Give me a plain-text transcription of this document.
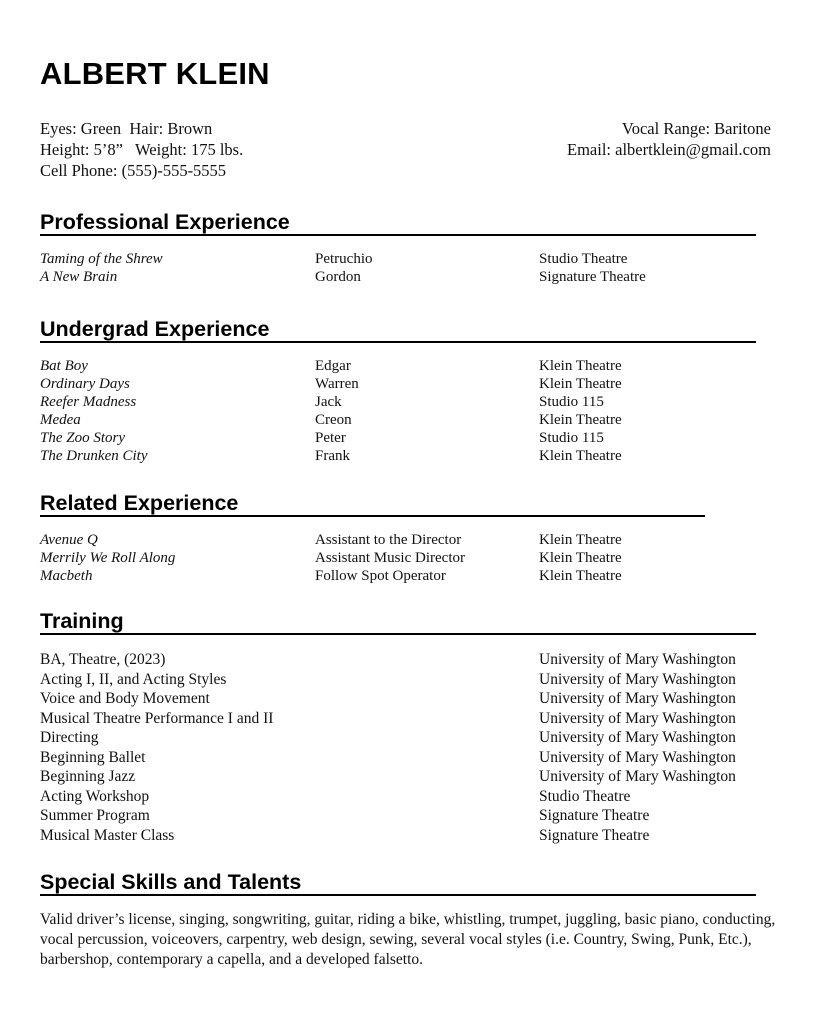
ALBERT KLEIN
Eyes: Green  Hair: Brown
Height: 5’8”   Weight: 175 lbs.
Cell Phone: (555)-555-5555
Vocal Range: Baritone
Email: albertklein@gmail.com
Professional Experience
Taming of the Shrew	Petruchio	Studio Theatre
A New Brain	Gordon	Signature Theatre
Undergrad Experience
Bat Boy	Edgar	Klein Theatre
Ordinary Days	Warren	Klein Theatre
Reefer Madness	Jack	Studio 115
Medea	Creon	Klein Theatre
The Zoo Story	Peter	Studio 115
The Drunken City	Frank	Klein Theatre
Related Experience
Avenue Q	Assistant to the Director	Klein Theatre
Merrily We Roll Along	Assistant Music Director	Klein Theatre
Macbeth	Follow Spot Operator	Klein Theatre
Training
BA, Theatre, (2023)	University of Mary Washington
Acting I, II, and Acting Styles	University of Mary Washington
Voice and Body Movement	University of Mary Washington
Musical Theatre Performance I and II	University of Mary Washington
Directing	University of Mary Washington
Beginning Ballet	University of Mary Washington
Beginning Jazz	University of Mary Washington
Acting Workshop	Studio Theatre
Summer Program	Signature Theatre
Musical Master Class	Signature Theatre
Special Skills and Talents

Valid driver’s license, singing, songwriting, guitar, riding a bike, whistling, trumpet, juggling, basic piano, conducting, vocal percussion, voiceovers, carpentry, web design, sewing, several vocal styles (i.e. Country, Swing, Punk, Etc.), barbershop, contemporary a capella, and a developed falsetto.
